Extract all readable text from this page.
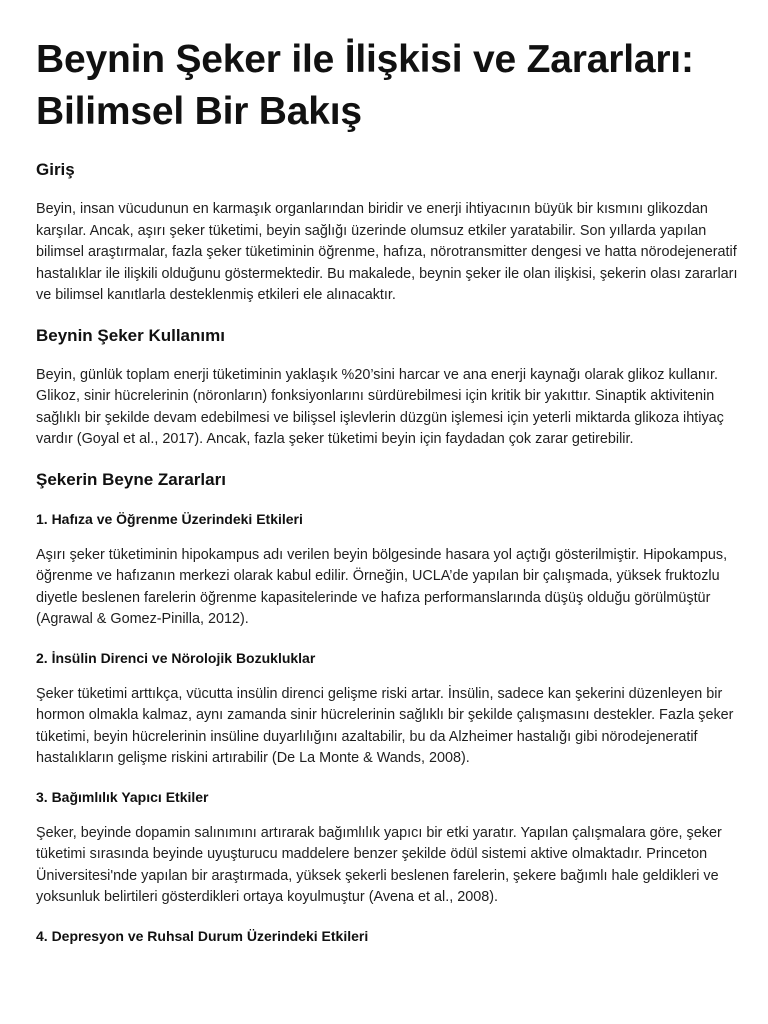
Beynin Şeker ile İlişkisi ve Zararları: Bilimsel Bir Bakış
Giriş

Beyin, insan vücudunun en karmaşık organlarından biridir ve enerji ihtiyacının büyük bir kısmını glikozdan karşılar. Ancak, aşırı şeker tüketimi, beyin sağlığı üzerinde olumsuz etkiler yaratabilir. Son yıllarda yapılan bilimsel araştırmalar, fazla şeker tüketiminin öğrenme, hafıza, nörotransmitter dengesi ve hatta nörodejeneratif hastalıklar ile ilişkili olduğunu göstermektedir. Bu makalede, beynin şeker ile olan ilişkisi, şekerin olası zararları ve bilimsel kanıtlarla desteklenmiş etkileri ele alınacaktır.

Beynin Şeker Kullanımı

Beyin, günlük toplam enerji tüketiminin yaklaşık %20’sini harcar ve ana enerji kaynağı olarak glikoz kullanır. Glikoz, sinir hücrelerinin (nöronların) fonksiyonlarını sürdürebilmesi için kritik bir yakıttır. Sinaptik aktivitenin sağlıklı bir şekilde devam edebilmesi ve bilişsel işlevlerin düzgün işlemesi için yeterli miktarda glikoza ihtiyaç vardır (Goyal et al., 2017). Ancak, fazla şeker tüketimi beyin için faydadan çok zarar getirebilir.

Şekerin Beyne Zararları
1. Hafıza ve Öğrenme Üzerindeki Etkileri

Aşırı şeker tüketiminin hipokampus adı verilen beyin bölgesinde hasara yol açtığı gösterilmiştir. Hipokampus, öğrenme ve hafızanın merkezi olarak kabul edilir. Örneğin, UCLA’de yapılan bir çalışmada, yüksek fruktozlu diyetle beslenen farelerin öğrenme kapasitelerinde ve hafıza performanslarında düşüş olduğu görülmüştür (Agrawal & Gomez-Pinilla, 2012).

2. İnsülin Direnci ve Nörolojik Bozukluklar

Şeker tüketimi arttıkça, vücutta insülin direnci gelişme riski artar. İnsülin, sadece kan şekerini düzenleyen bir hormon olmakla kalmaz, aynı zamanda sinir hücrelerinin sağlıklı bir şekilde çalışmasını destekler. Fazla şeker tüketimi, beyin hücrelerinin insüline duyarlılığını azaltabilir, bu da Alzheimer hastalığı gibi nörodejeneratif hastalıkların gelişme riskini artırabilir (De La Monte & Wands, 2008).

3. Bağımlılık Yapıcı Etkiler

Şeker, beyinde dopamin salınımını artırarak bağımlılık yapıcı bir etki yaratır. Yapılan çalışmalara göre, şeker tüketimi sırasında beyinde uyuşturucu maddelere benzer şekilde ödül sistemi aktive olmaktadır. Princeton Üniversitesi'nde yapılan bir araştırmada, yüksek şekerli beslenen farelerin, şekere bağımlı hale geldikleri ve yoksunluk belirtileri gösterdikleri ortaya koyulmuştur (Avena et al., 2008).

4. Depresyon ve Ruhsal Durum Üzerindeki Etkileri
